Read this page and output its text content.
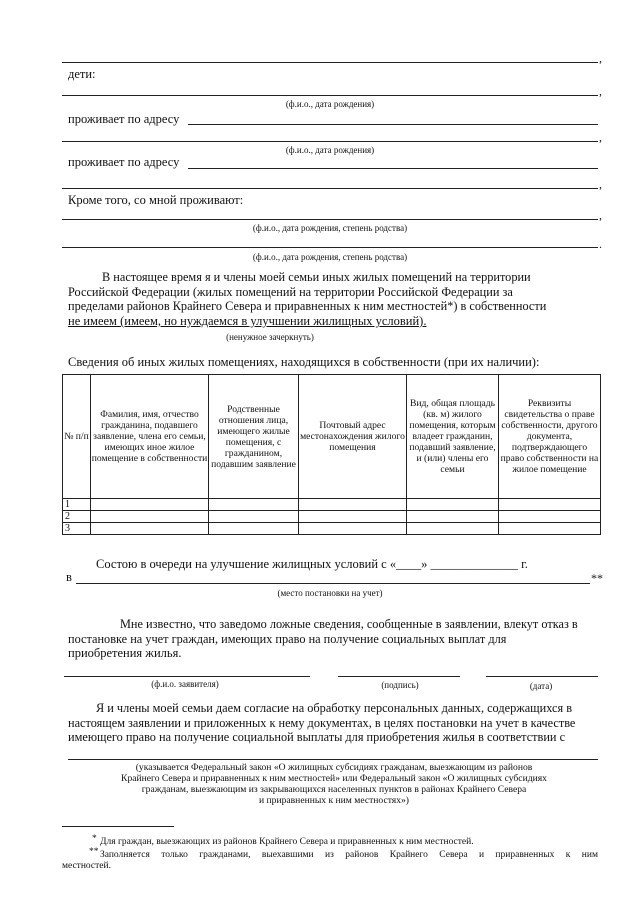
,
дети:
,
(ф.и.о., дата рождения)
проживает по адресу
,
(ф.и.о., дата рождения)
проживает по адресу
,
Кроме того, со мной проживают:
,
(ф.и.о., дата рождения, степень родства)
.
(ф.и.о., дата рождения, степень родства)
В настоящее время я и члены моей семьи иных жилых помещений на территории
Российской Федерации (жилых помещений на территории Российской Федерации за
пределами районов Крайнего Севера и приравненных к ним местностей*) в собственности
не имеем (имеем, но нуждаемся в улучшении жилищных условий).
(ненужное зачеркнуть)
Сведения об иных жилых помещениях, находящихся в собственности (при их наличии):
№ п/п	Фамилия, имя, отчество гражданина, подавшего заявление, члена его семьи, имеющих иное жилое помещение в собственности	Родственные отношения лица, имеющего жилые помещения, с гражданином, подавшим заявление	Почтовый адрес местонахождения жилого помещения	Вид, общая площадь (кв. м) жилого помещения, которым владеет гражданин, подавший заявление, и (или) члены его семьи	Реквизиты свидетельства о праве собственности, другого документа, подтверждающего право собственности на жилое помещение
1					
2					
3					
Состою в очереди на улучшение жилищных условий с «____» ______________ г.
в	**
(место постановки на учет)
Мне известно, что заведомо ложные сведения, сообщенные в заявлении, влекут отказ в
постановке на учет граждан, имеющих право на получение социальных выплат для
приобретения жилья.
(ф.и.о. заявителя)	(подпись)	(дата)
Я и члены моей семьи даем согласие на обработку персональных данных, содержащихся в
настоящем заявлении и приложенных к нему документах, в целях постановки на учет в качестве
имеющего право на получение социальной выплаты для приобретения жилья в соответствии с
(указывается Федеральный закон «О жилищных субсидиях гражданам, выезжающим из районов
Крайнего Севера и приравненных к ним местностей» или Федеральный закон «О жилищных субсидиях
гражданам, выезжающим из закрывающихся населенных пунктов в районах Крайнего Севера
и приравненных к ним местностях»)
* Для граждан, выезжающих из районов Крайнего Севера и приравненных к ним местностей.
** Заполняется только гражданами, выехавшими из районов Крайнего Севера и приравненных к ним
местностей.
